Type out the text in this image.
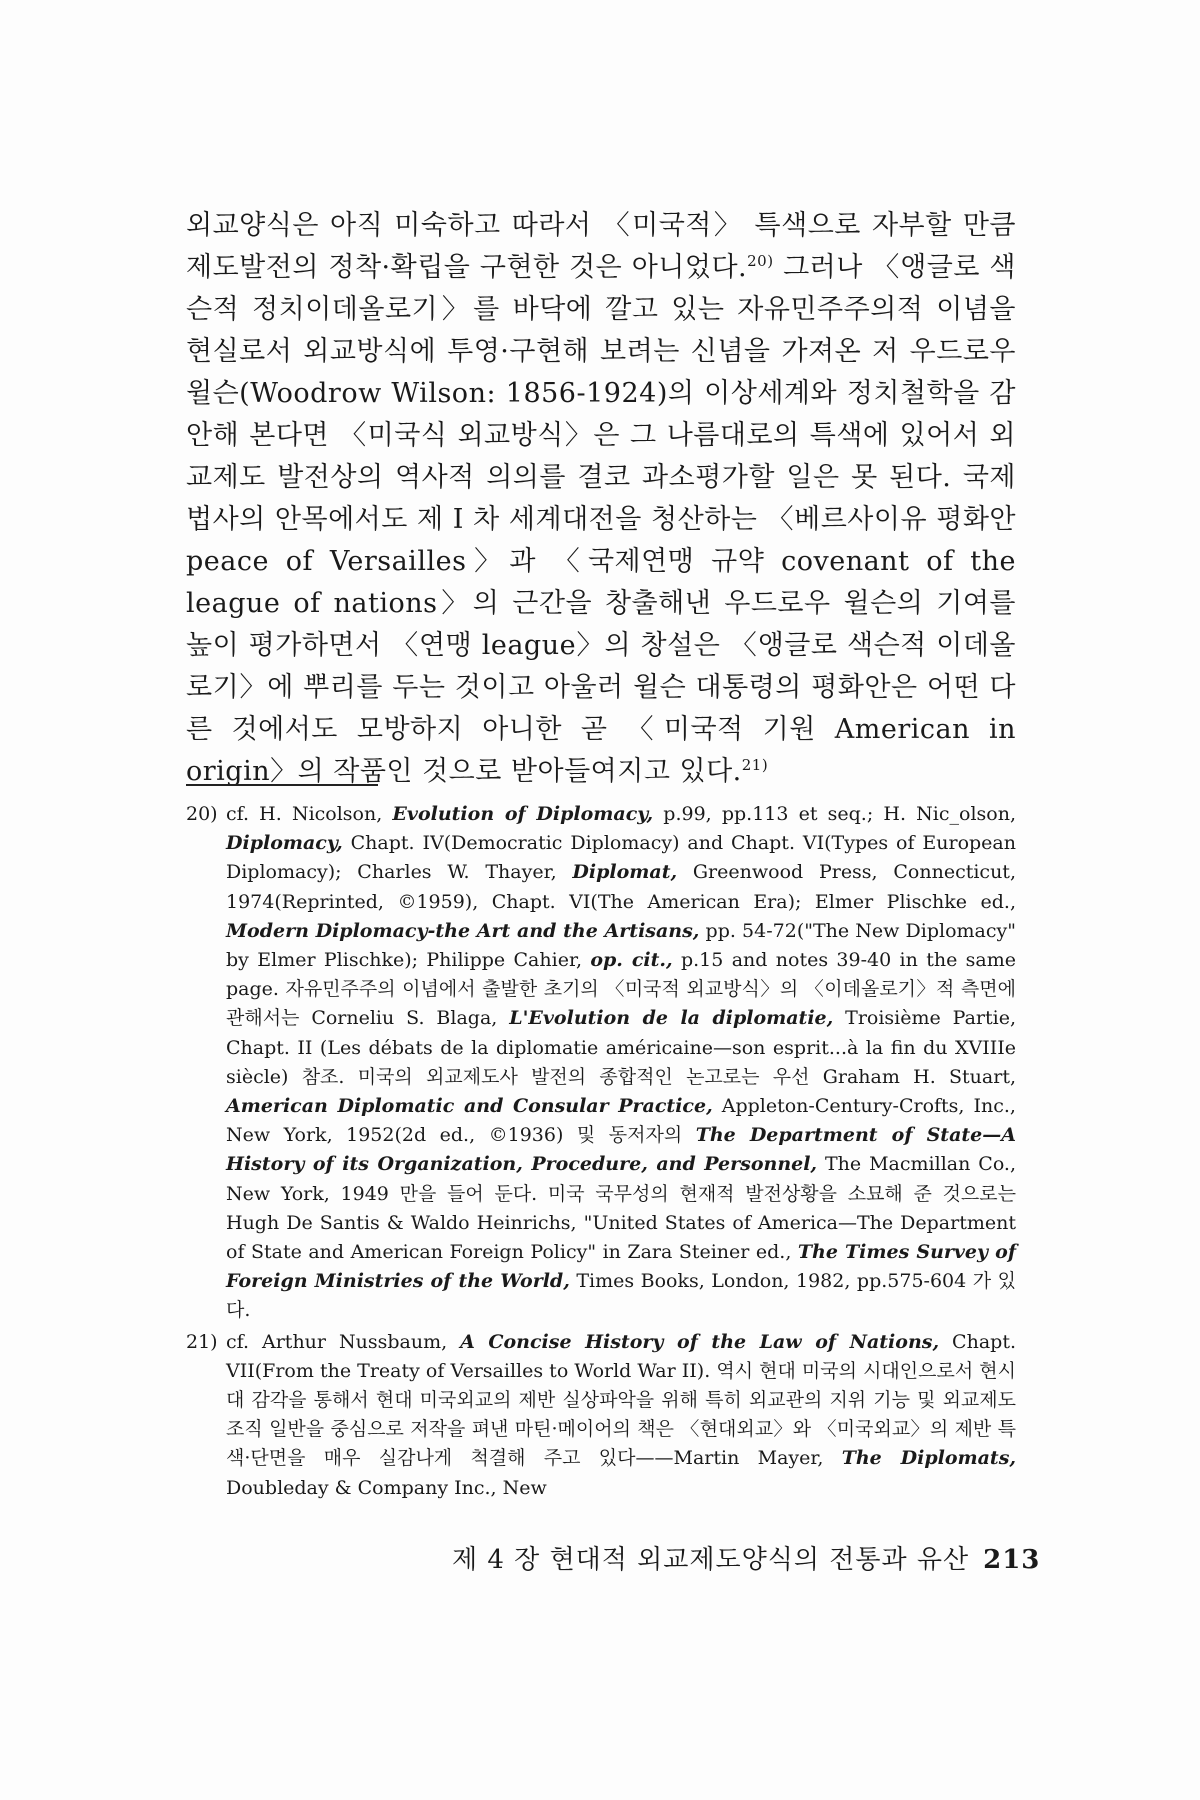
외교양식은 아직 미숙하고 따라서 〈미국적〉 특색으로 자부할 만큼 제도발전의 정착·확립을 구현한 것은 아니었다.$^{20)}$ 그러나 〈앵글로 색슨적 정치이데올로기〉를 바닥에 깔고 있는 자유민주주의적 이념을 현실로서 외교방식에 투영·구현해 보려는 신념을 가져온 저 우드로우 윌슨(Woodrow Wilson: 1856-1924)의 이상세계와 정치철학을 감안해 본다면 〈미국식 외교방식〉은 그 나름대로의 특색에 있어서 외교제도 발전상의 역사적 의의를 결코 과소평가할 일은 못 된다. 국제법사의 안목에서도 제 I 차 세계대전을 청산하는 〈베르사이유 평화안 peace of Versailles〉과 〈국제연맹 규약 covenant of the league of nations〉의 근간을 창출해낸 우드로우 윌슨의 기여를 높이 평가하면서 〈연맹 league〉의 창설은 〈앵글로 색슨적 이데올로기〉에 뿌리를 두는 것이고 아울러 윌슨 대통령의 평화안은 어떤 다른 것에서도 모방하지 아니한 곧 〈미국적 기원 American in origin〉의 작품인 것으로 받아들여지고 있다.$^{21)}$

20) cf. H. Nicolson, Evolution of Diplomacy, p.99, pp.113 et seq.; H. Nic_olson, Diplomacy, Chapt. IV(Democratic Diplomacy) and Chapt. VI(Types of European Diplomacy); Charles W. Thayer, Diplomat, Greenwood Press, Connecticut, 1974(Reprinted, ©1959), Chapt. VI(The American Era); Elmer Plischke ed., Modern Diplomacy-the Art and the Artisans, pp. 54-72("The New Diplomacy" by Elmer Plischke); Philippe Cahier, op. cit., p.15 and notes 39-40 in the same page. 자유민주주의 이념에서 출발한 초기의 〈미국적 외교방식〉의 〈이데올로기〉적 측면에 관해서는 Corneliu S. Blaga, L'Evolution de la diplomatie, Troisième Partie, Chapt. II (Les débats de la diplomatie américaine—son esprit...à la fin du XVIIIe siècle) 참조. 미국의 외교제도사 발전의 종합적인 논고로는 우선 Graham H. Stuart, American Diplomatic and Consular Practice, Appleton-Century-Crofts, Inc., New York, 1952(2d ed., ©1936) 및 동저자의 The Department of State—A History of its Organization, Procedure, and Personnel, The Macmillan Co., New York, 1949 만을 들어 둔다. 미국 국무성의 현재적 발전상황을 소묘해 준 것으로는 Hugh De Santis & Waldo Heinrichs, "United States of America—The Department of State and American Foreign Policy" in Zara Steiner ed., The Times Survey of Foreign Ministries of the World, Times Books, London, 1982, pp.575-604 가 있다.
21) cf. Arthur Nussbaum, A Concise History of the Law of Nations, Chapt. VII(From the Treaty of Versailles to World War II). 역시 현대 미국의 시대인으로서 현시대 감각을 통해서 현대 미국외교의 제반 실상파악을 위해 특히 외교관의 지위 기능 및 외교제도조직 일반을 중심으로 저작을 펴낸 마틴·메이어의 책은 〈현대외교〉와 〈미국외교〉의 제반 특색·단면을 매우 실감나게 척결해 주고 있다——Martin Mayer, The Diplomats, Doubleday & Company Inc., New
제 4 장 현대적 외교제도양식의 전통과 유산 213
